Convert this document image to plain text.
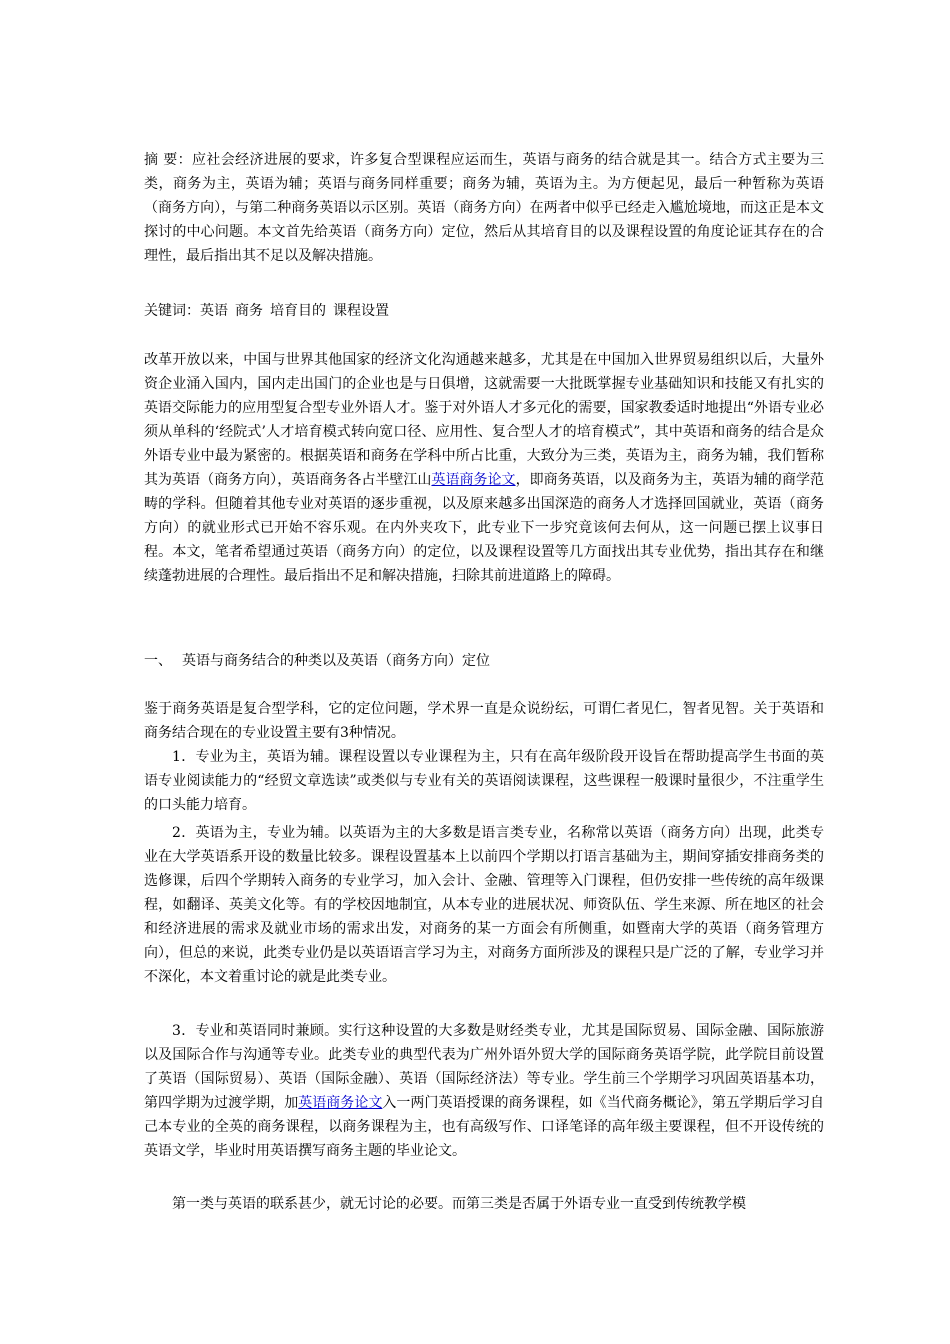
摘 要：应社会经济进展的要求，许多复合型课程应运而生，英语与商务的结合就是其一。结合方式主要为三类，商务为主，英语为辅；英语与商务同样重要；商务为辅，英语为主。为方便起见，最后一种暂称为英语（商务方向），与第二种商务英语以示区别。英语（商务方向）在两者中似乎已经走入尴尬境地，而这正是本文探讨的中心问题。本文首先给英语（商务方向）定位，然后从其培育目的以及课程设置的角度论证其存在的合理性，最后指出其不足以及解决措施。
关键词：英语 商务 培育目的 课程设置
改革开放以来，中国与世界其他国家的经济文化沟通越来越多，尤其是在中国加入世界贸易组织以后，大量外资企业涌入国内，国内走出国门的企业也是与日俱增，这就需要一大批既掌握专业基础知识和技能又有扎实的英语交际能力的应用型复合型专业外语人才。鉴于对外语人才多元化的需要，国家教委适时地提出“外语专业必须从单科的‘经院式’人才培育模式转向宽口径、应用性、复合型人才的培育模式”，其中英语和商务的结合是众外语专业中最为紧密的。根据英语和商务在学科中所占比重，大致分为三类，英语为主，商务为辅，我们暂称其为英语（商务方向），英语商务各占半壁江山英语商务论文，即商务英语，以及商务为主，英语为辅的商学范畴的学科。但随着其他专业对英语的逐步重视，以及原来越多出国深造的商务人才选择回国就业，英语（商务方向）的就业形式已开始不容乐观。在内外夹攻下，此专业下一步究竟该何去何从，这一问题已摆上议事日程。本文，笔者希望通过英语（商务方向）的定位，以及课程设置等几方面找出其专业优势，指出其存在和继续蓬勃进展的合理性。最后指出不足和解决措施，扫除其前进道路上的障碍。
一、 英语与商务结合的种类以及英语（商务方向）定位
鉴于商务英语是复合型学科，它的定位问题，学术界一直是众说纷纭，可谓仁者见仁，智者见智。关于英语和商务结合现在的专业设置主要有3种情况。
1．专业为主，英语为辅。课程设置以专业课程为主，只有在高年级阶段开设旨在帮助提高学生书面的英语专业阅读能力的“经贸文章选读”或类似与专业有关的英语阅读课程，这些课程一般课时量很少，不注重学生的口头能力培育。
2．英语为主，专业为辅。以英语为主的大多数是语言类专业，名称常以英语（商务方向）出现，此类专业在大学英语系开设的数量比较多。课程设置基本上以前四个学期以打语言基础为主，期间穿插安排商务类的选修课，后四个学期转入商务的专业学习，加入会计、金融、管理等入门课程，但仍安排一些传统的高年级课程，如翻译、英美文化等。有的学校因地制宜，从本专业的进展状况、师资队伍、学生来源、所在地区的社会和经济进展的需求及就业市场的需求出发，对商务的某一方面会有所侧重，如暨南大学的英语（商务管理方向），但总的来说，此类专业仍是以英语语言学习为主，对商务方面所涉及的课程只是广泛的了解，专业学习并不深化，本文着重讨论的就是此类专业。
3．专业和英语同时兼顾。实行这种设置的大多数是财经类专业，尤其是国际贸易、国际金融、国际旅游以及国际合作与沟通等专业。此类专业的典型代表为广州外语外贸大学的国际商务英语学院，此学院目前设置了英语（国际贸易）、英语（国际金融）、英语（国际经济法）等专业。学生前三个学期学习巩固英语基本功，第四学期为过渡学期，加英语商务论文入一两门英语授课的商务课程，如《当代商务概论》，第五学期后学习自己本专业的全英的商务课程，以商务课程为主，也有高级写作、口译笔译的高年级主要课程，但不开设传统的英语文学，毕业时用英语撰写商务主题的毕业论文。
第一类与英语的联系甚少，就无讨论的必要。而第三类是否属于外语专业一直受到传统教学模
